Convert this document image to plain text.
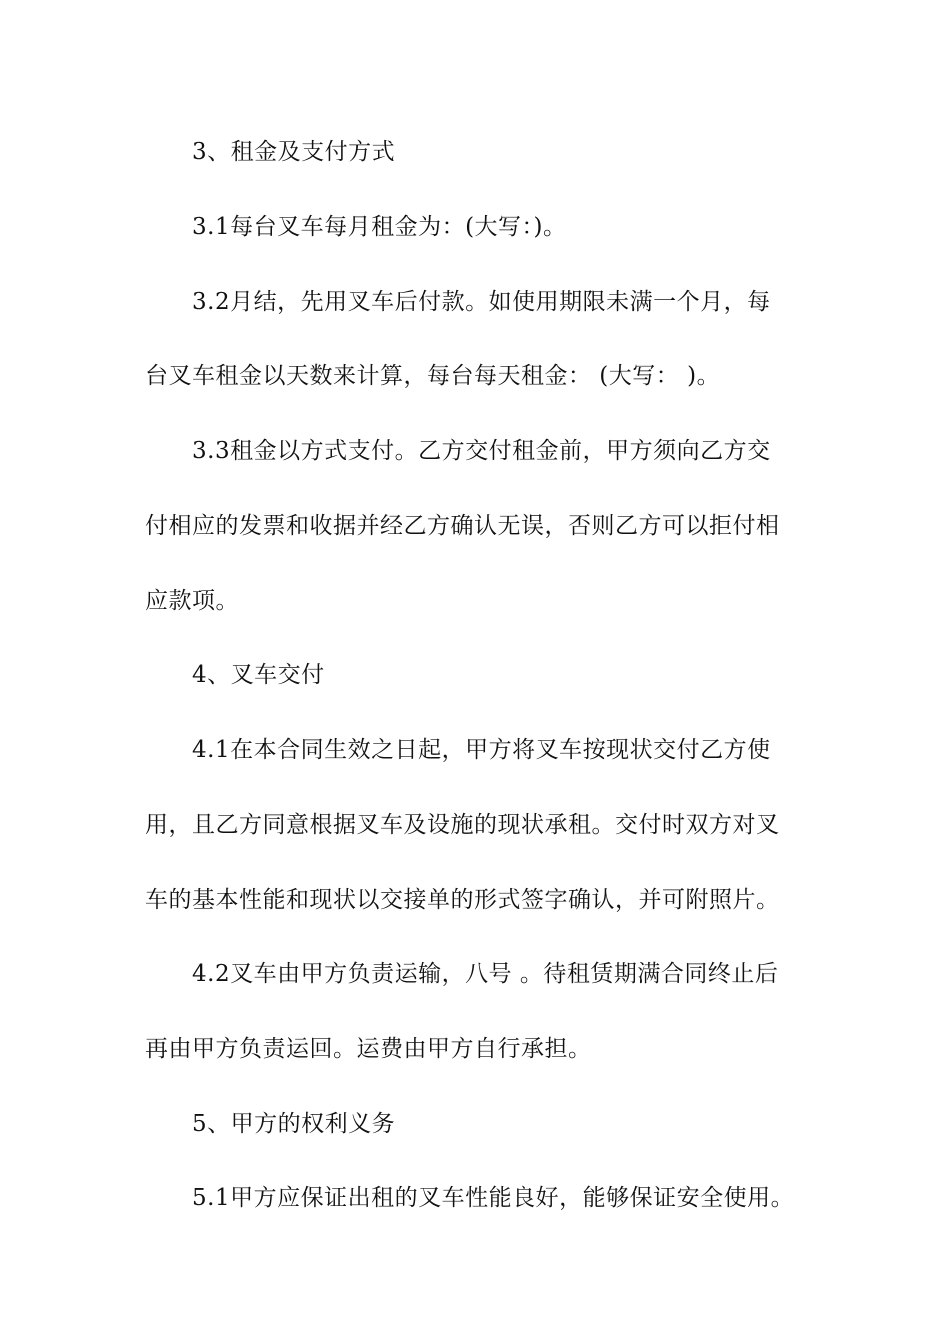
3、租金及支付方式
3.1每台叉车每月租金为：(大写：)。
3.2月结，先用叉车后付款。如使用期限未满一个月，每
台叉车租金以天数来计算，每台每天租金： (大写： )。
3.3租金以方式支付。乙方交付租金前，甲方须向乙方交
付相应的发票和收据并经乙方确认无误，否则乙方可以拒付相
应款项。
4、叉车交付
4.1在本合同生效之日起，甲方将叉车按现状交付乙方使
用，且乙方同意根据叉车及设施的现状承租。交付时双方对叉
车的基本性能和现状以交接单的形式签字确认，并可附照片。
4.2叉车由甲方负责运输，八号 。待租赁期满合同终止后
再由甲方负责运回。运费由甲方自行承担。
5、甲方的权利义务
5.1甲方应保证出租的叉车性能良好，能够保证安全使用。
